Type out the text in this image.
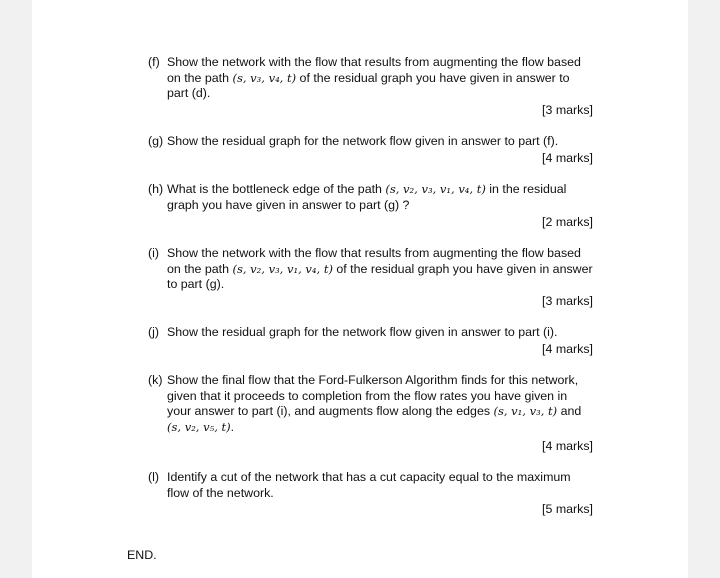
(f) Show the network with the flow that results from augmenting the flow based on the path (s, v₃, v₄, t) of the residual graph you have given in answer to part (d).
[3 marks]
(g) Show the residual graph for the network flow given in answer to part (f).
[4 marks]
(h) What is the bottleneck edge of the path (s, v₂, v₃, v₁, v₄, t) in the residual graph you have given in answer to part (g) ?
[2 marks]
(i) Show the network with the flow that results from augmenting the flow based on the path (s, v₂, v₃, v₁, v₄, t) of the residual graph you have given in answer to part (g).
[3 marks]
(j) Show the residual graph for the network flow given in answer to part (i).
[4 marks]
(k) Show the final flow that the Ford-Fulkerson Algorithm finds for this network, given that it proceeds to completion from the flow rates you have given in your answer to part (i), and augments flow along the edges (s, v₁, v₃, t) and (s, v₂, v₅, t).
[4 marks]
(l) Identify a cut of the network that has a cut capacity equal to the maximum flow of the network.
[5 marks]
END.
